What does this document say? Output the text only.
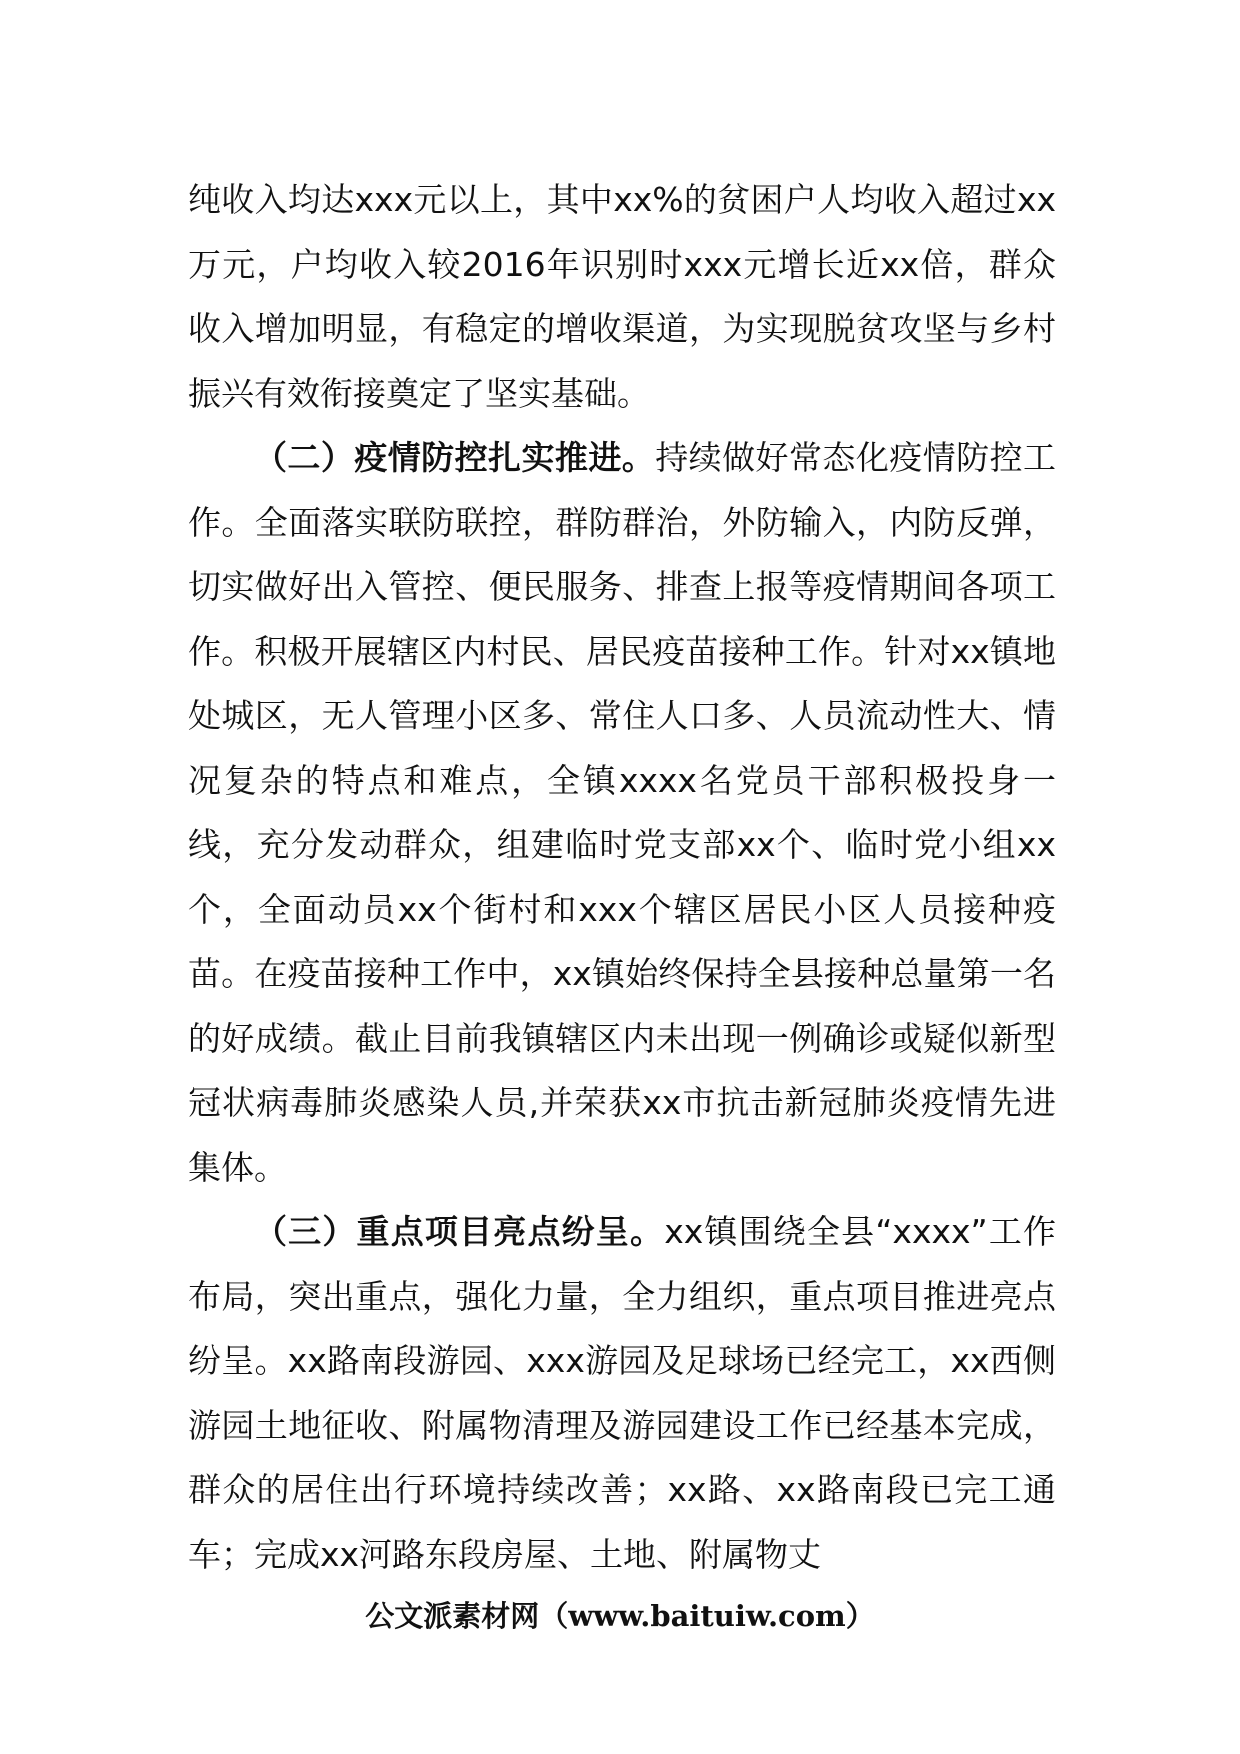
纯收入均达xxx元以上，其中xx%的贫困户人均收入超过xx万元，户均收入较2016年识别时xxx元增长近xx倍，群众收入增加明显，有稳定的增收渠道，为实现脱贫攻坚与乡村振兴有效衔接奠定了坚实基础。

（二）疫情防控扎实推进。持续做好常态化疫情防控工作。全面落实联防联控，群防群治，外防输入，内防反弹，切实做好出入管控、便民服务、排查上报等疫情期间各项工作。积极开展辖区内村民、居民疫苗接种工作。针对xx镇地处城区，无人管理小区多、常住人口多、人员流动性大、情况复杂的特点和难点，全镇xxxx名党员干部积极投身一线，充分发动群众，组建临时党支部xx个、临时党小组xx个，全面动员xx个街村和xxx个辖区居民小区人员接种疫苗。在疫苗接种工作中，xx镇始终保持全县接种总量第一名的好成绩。截止目前我镇辖区内未出现一例确诊或疑似新型冠状病毒肺炎感染人员,并荣获xx市抗击新冠肺炎疫情先进集体。

（三）重点项目亮点纷呈。xx镇围绕全县“xxxx”工作布局，突出重点，强化力量，全力组织，重点项目推进亮点纷呈。xx路南段游园、xxx游园及足球场已经完工，xx西侧游园土地征收、附属物清理及游园建设工作已经基本完成，群众的居住出行环境持续改善；xx路、xx路南段已完工通车；完成xx河路东段房屋、土地、附属物丈

公文派素材网（www.baituiw.com）
